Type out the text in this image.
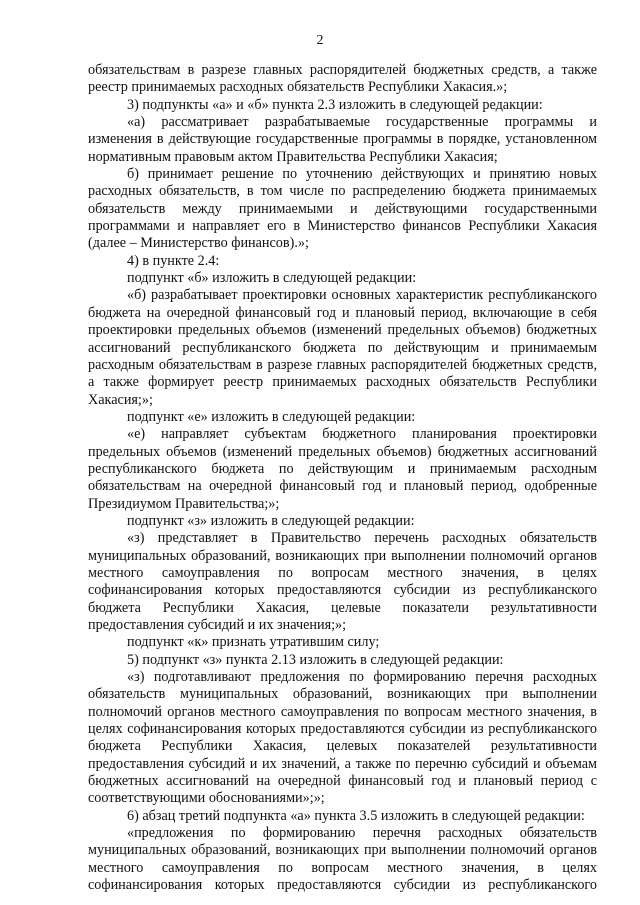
2
обязательствам в разрезе главных распорядителей бюджетных средств, а также
реестр принимаемых расходных обязательств Республики Хакасия.»;
3) подпункты «а» и «б» пункта 2.3 изложить в следующей редакции:
«а) рассматривает разрабатываемые государственные программы и
изменения в действующие государственные программы в порядке, установленном
нормативным правовым актом Правительства Республики Хакасия;
б) принимает решение по уточнению действующих и принятию новых
расходных обязательств, в том числе по распределению бюджета принимаемых
обязательств между принимаемыми и действующими государственными
программами и направляет его в Министерство финансов Республики Хакасия
(далее – Министерство финансов).»;
4) в пункте 2.4:
подпункт «б» изложить в следующей редакции:
«б) разрабатывает проектировки основных характеристик республиканского
бюджета на очередной финансовый год и плановый период, включающие в себя
проектировки предельных объемов (изменений предельных объемов) бюджетных
ассигнований республиканского бюджета по действующим и принимаемым
расходным обязательствам в разрезе главных распорядителей бюджетных средств,
а также формирует реестр принимаемых расходных обязательств Республики
Хакасия;»;
подпункт «е» изложить в следующей редакции:
«е) направляет субъектам бюджетного планирования проектировки
предельных объемов (изменений предельных объемов) бюджетных ассигнований
республиканского бюджета по действующим и принимаемым расходным
обязательствам на очередной финансовый год и плановый период, одобренные
Президиумом Правительства;»;
подпункт «з» изложить в следующей редакции:
«з) представляет в Правительство перечень расходных обязательств
муниципальных образований, возникающих при выполнении полномочий органов
местного самоуправления по вопросам местного значения, в целях
софинансирования которых предоставляются субсидии из республиканского
бюджета Республики Хакасия, целевые показатели результативности
предоставления субсидий и их значения;»;
подпункт «к» признать утратившим силу;
5) подпункт «з» пункта 2.13 изложить в следующей редакции:
«з) подготавливают предложения по формированию перечня расходных
обязательств муниципальных образований, возникающих при выполнении
полномочий органов местного самоуправления по вопросам местного значения, в
целях софинансирования которых предоставляются субсидии из республиканского
бюджета Республики Хакасия, целевых показателей результативности
предоставления субсидий и их значений, а также по перечню субсидий и объемам
бюджетных ассигнований на очередной финансовый год и плановый период с
соответствующими обоснованиями»;»;
6) абзац третий подпункта «а» пункта 3.5 изложить в следующей редакции:
«предложения по формированию перечня расходных обязательств
муниципальных образований, возникающих при выполнении полномочий органов
местного самоуправления по вопросам местного значения, в целях
софинансирования которых предоставляются субсидии из республиканского
